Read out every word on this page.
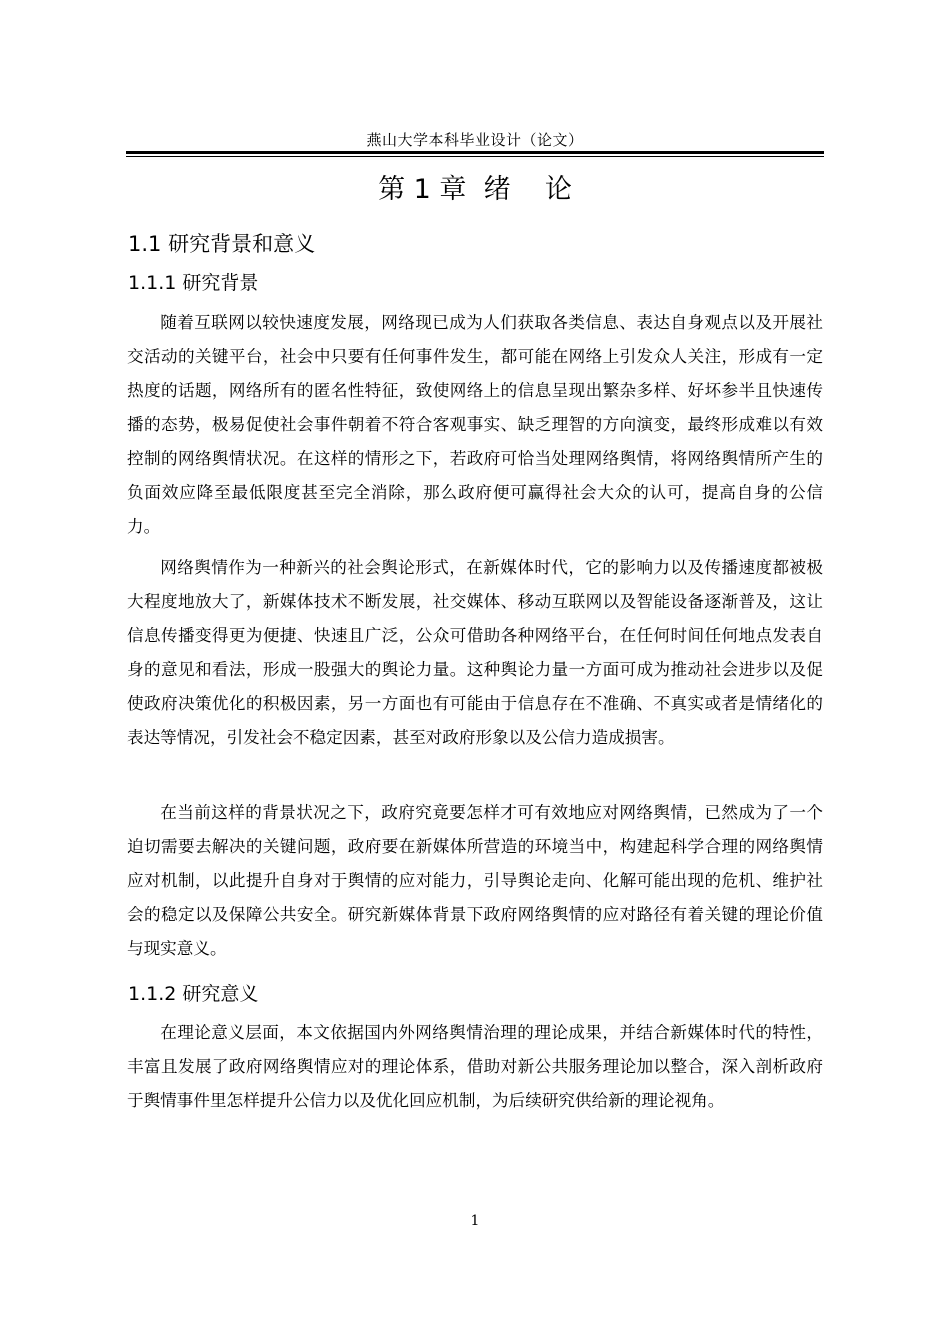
燕山大学本科毕业设计（论文）
第 1 章  绪    论
1.1 研究背景和意义
1.1.1 研究背景

随着互联网以较快速度发展，网络现已成为人们获取各类信息、表达自身观点以及开展社交活动的关键平台，社会中只要有任何事件发生，都可能在网络上引发众人关注，形成有一定热度的话题，网络所有的匿名性特征，致使网络上的信息呈现出繁杂多样、好坏参半且快速传播的态势，极易促使社会事件朝着不符合客观事实、缺乏理智的方向演变，最终形成难以有效控制的网络舆情状况。在这样的情形之下，若政府可恰当处理网络舆情，将网络舆情所产生的负面效应降至最低限度甚至完全消除，那么政府便可赢得社会大众的认可，提高自身的公信力。

网络舆情作为一种新兴的社会舆论形式，在新媒体时代，它的影响力以及传播速度都被极大程度地放大了，新媒体技术不断发展，社交媒体、移动互联网以及智能设备逐渐普及，这让信息传播变得更为便捷、快速且广泛，公众可借助各种网络平台，在任何时间任何地点发表自身的意见和看法，形成一股强大的舆论力量。这种舆论力量一方面可成为推动社会进步以及促使政府决策优化的积极因素，另一方面也有可能由于信息存在不准确、不真实或者是情绪化的表达等情况，引发社会不稳定因素，甚至对政府形象以及公信力造成损害。

在当前这样的背景状况之下，政府究竟要怎样才可有效地应对网络舆情，已然成为了一个迫切需要去解决的关键问题，政府要在新媒体所营造的环境当中，构建起科学合理的网络舆情应对机制，以此提升自身对于舆情的应对能力，引导舆论走向、化解可能出现的危机、维护社会的稳定以及保障公共安全。研究新媒体背景下政府网络舆情的应对路径有着关键的理论价值与现实意义。

1.1.2 研究意义

在理论意义层面，本文依据国内外网络舆情治理的理论成果，并结合新媒体时代的特性，丰富且发展了政府网络舆情应对的理论体系，借助对新公共服务理论加以整合，深入剖析政府于舆情事件里怎样提升公信力以及优化回应机制，为后续研究供给新的理论视角。

1
